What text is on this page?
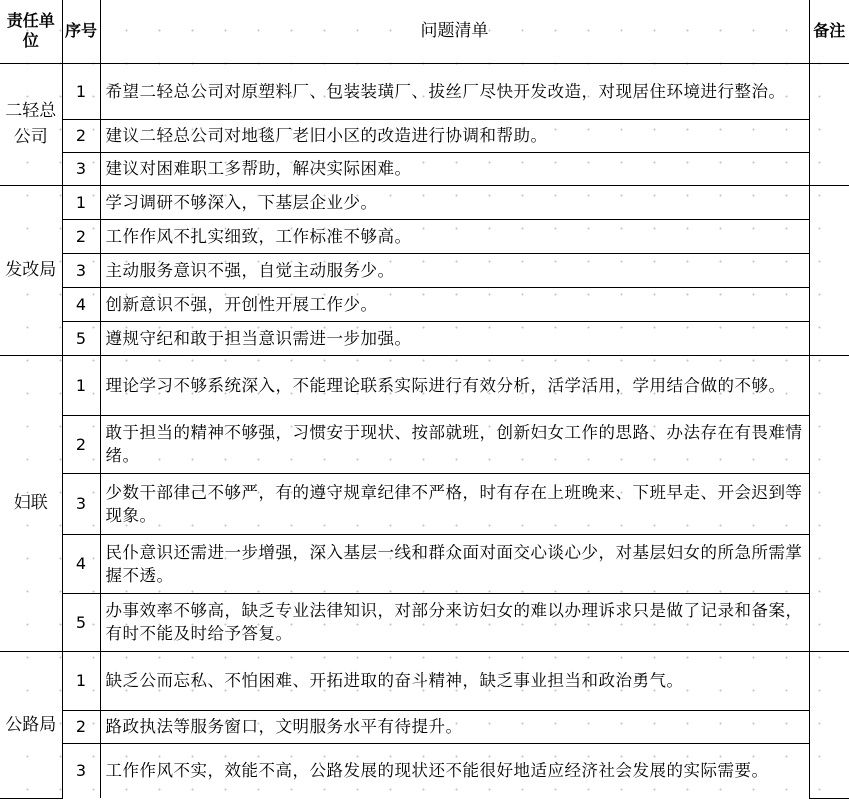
责任单位	序号	问题清单	备注
二轻总公司	1	希望二轻总公司对原塑料厂、包装装璜厂、拔丝厂尽快开发改造，对现居住环境进行整治。	
	2	建议二轻总公司对地毯厂老旧小区的改造进行协调和帮助。	
	3	建议对困难职工多帮助，解决实际困难。	
发改局	1	学习调研不够深入，下基层企业少。	
	2	工作作风不扎实细致，工作标准不够高。	
	3	主动服务意识不强，自觉主动服务少。	
	4	创新意识不强，开创性开展工作少。	
	5	遵规守纪和敢于担当意识需进一步加强。	
妇联	1	理论学习不够系统深入，不能理论联系实际进行有效分析，活学活用，学用结合做的不够。	
	2	敢于担当的精神不够强，习惯安于现状、按部就班，创新妇女工作的思路、办法存在有畏难情绪。	
	3	少数干部律己不够严，有的遵守规章纪律不严格，时有存在上班晚来、下班早走、开会迟到等现象。	
	4	民仆意识还需进一步增强，深入基层一线和群众面对面交心谈心少，对基层妇女的所急所需掌握不透。	
	5	办事效率不够高，缺乏专业法律知识，对部分来访妇女的难以办理诉求只是做了记录和备案，有时不能及时给予答复。	
公路局	1	缺乏公而忘私、不怕困难、开拓进取的奋斗精神，缺乏事业担当和政治勇气。	
	2	路政执法等服务窗口，文明服务水平有待提升。	
	3	工作作风不实，效能不高，公路发展的现状还不能很好地适应经济社会发展的实际需要。	
